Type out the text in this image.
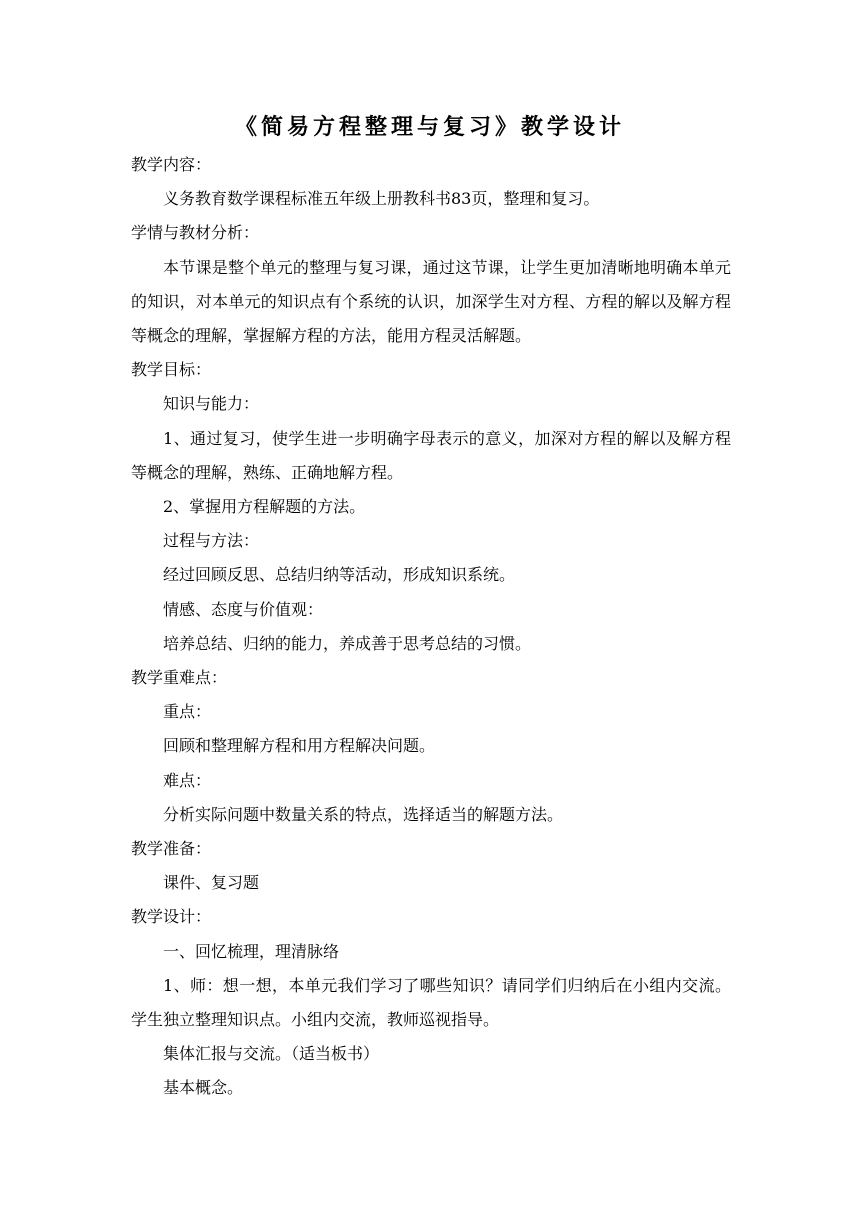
《简易方程整理与复习》教学设计

教学内容：

义务教育数学课程标准五年级上册教科书83页，整理和复习。

学情与教材分析：

本节课是整个单元的整理与复习课，通过这节课，让学生更加清晰地明确本单元的知识，对本单元的知识点有个系统的认识，加深学生对方程、方程的解以及解方程等概念的理解，掌握解方程的方法，能用方程灵活解题。

教学目标：

知识与能力：

1、通过复习，使学生进一步明确字母表示的意义，加深对方程的解以及解方程等概念的理解，熟练、正确地解方程。

2、掌握用方程解题的方法。

过程与方法：

经过回顾反思、总结归纳等活动，形成知识系统。

情感、态度与价值观：

培养总结、归纳的能力，养成善于思考总结的习惯。

教学重难点：

重点：

回顾和整理解方程和用方程解决问题。

难点：

分析实际问题中数量关系的特点，选择适当的解题方法。

教学准备：

课件、复习题

教学设计：

一、回忆梳理，理清脉络

1、师：想一想，本单元我们学习了哪些知识？请同学们归纳后在小组内交流。学生独立整理知识点。小组内交流，教师巡视指导。

集体汇报与交流。（适当板书）

基本概念。
